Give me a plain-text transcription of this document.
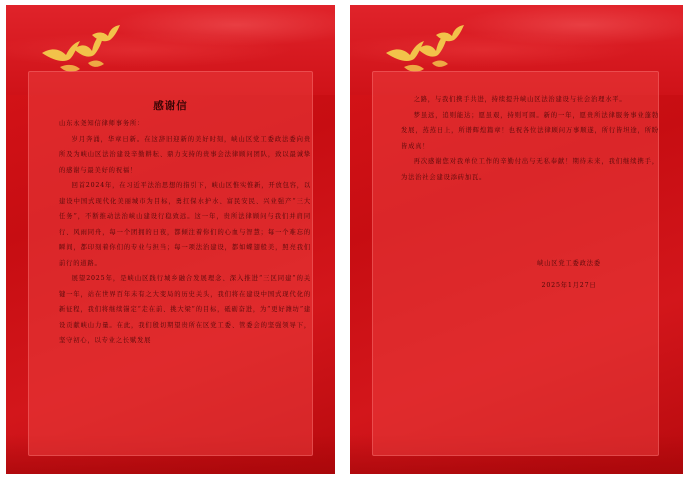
感谢信

山东永尧知信律师事务所：

岁月奔涌，华章日新。在这辞旧迎新的美好时刻，峡山区党工委政法委向贵所及为峡山区法治建设辛勤耕耘、鼎力支持的贵事会法律顾问团队，致以最诚挚的感谢与最美好的祝福！

回首2024年，在习近平法治思想的指引下，峡山区惟实惟新，开放包容，以建设中国式现代化美丽城市为目标，勇扛保水护水、富民安民、兴业强产“三大任务”，不断推动法治峡山建设行稳致远。这一年，贵所法律顾问与我们并肩同行、风雨同舟，每一个团拥的日夜，都倾注着你们的心血与智慧；每一个难忘的瞬间，都印刻着你们的专业与担当；每一项法治建设，都如蝶翅般美，照亮我们前行的道路。

展望2025年，是峡山区践行城乡融合发展理念、深入推进“三区同建”的关键一年，站在世界百年未有之大变局的历史关头，我们将在建设中国式现代化的新征程，我们将继续锚定“走在前、挑大梁”的目标，砥砺奋进，为“更好潍坊”建设贡献峡山力量。在此，我们殷切期望贵所在区党工委、管委会的坚强领导下，坚守初心，以专业之长赋发展

之路，与我们携手共进，持续提升峡山区法治建设与社会治理水平。

梦虽远，追则能达；愿虽艰，持则可圆。新的一年，愿贵所法律服务事业蓬勃发展，蒸蒸日上，所谱辉煌篇章！也祝各位法律顾问万事顺遂，所行皆坦途，所盼皆成真！

再次感谢您对我单位工作的辛勤付出与无私奉献！期待未来，我们继续携手，为法治社会建设添砖加瓦。

峡山区党工委政法委
2025年1月27日
